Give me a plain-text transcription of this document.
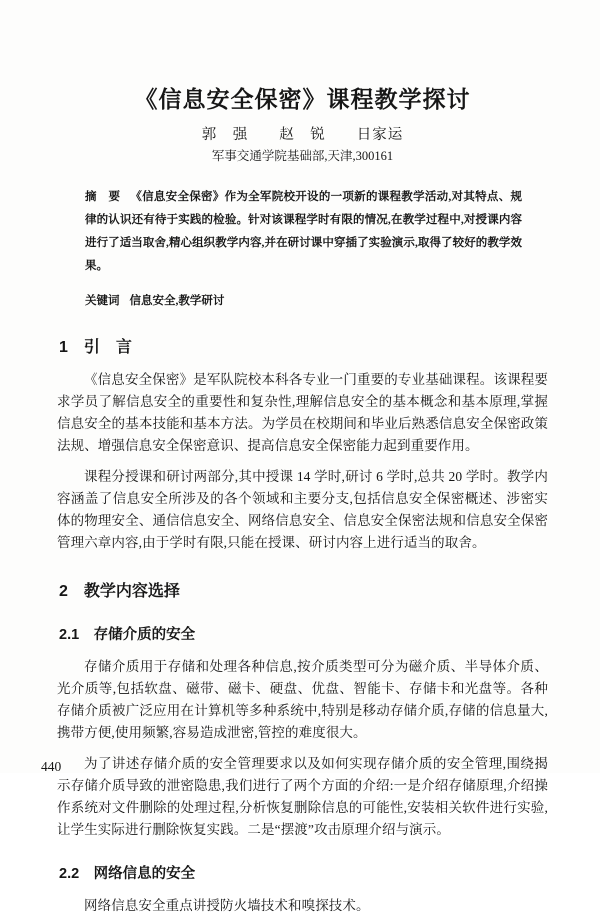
《信息安全保密》课程教学探讨
郭　强　　赵　锐　　日家运
军事交通学院基础部,天津,300161

摘　要 《信息安全保密》作为全军院校开设的一项新的课程教学活动,对其特点、规律的认识还有待于实践的检验。针对该课程学时有限的情况,在教学过程中,对授课内容进行了适当取舍,精心组织教学内容,并在研讨课中穿插了实验演示,取得了较好的教学效果。

关键词 信息安全,教学研讨

1　引　言

《信息安全保密》是军队院校本科各专业一门重要的专业基础课程。该课程要求学员了解信息安全的重要性和复杂性,理解信息安全的基本概念和基本原理,掌握信息安全的基本技能和基本方法。为学员在校期间和毕业后熟悉信息安全保密政策法规、增强信息安全保密意识、提高信息安全保密能力起到重要作用。

课程分授课和研讨两部分,其中授课 14 学时,研讨 6 学时,总共 20 学时。教学内容涵盖了信息安全所涉及的各个领域和主要分支,包括信息安全保密概述、涉密实体的物理安全、通信信息安全、网络信息安全、信息安全保密法规和信息安全保密管理六章内容,由于学时有限,只能在授课、研讨内容上进行适当的取舍。

2　教学内容选择
2.1　存储介质的安全

存储介质用于存储和处理各种信息,按介质类型可分为磁介质、半导体介质、光介质等,包括软盘、磁带、磁卡、硬盘、优盘、智能卡、存储卡和光盘等。各种存储介质被广泛应用在计算机等多种系统中,特别是移动存储介质,存储的信息量大,携带方便,使用频繁,容易造成泄密,管控的难度很大。

为了讲述存储介质的安全管理要求以及如何实现存储介质的安全管理,围绕揭示存储介质导致的泄密隐患,我们进行了两个方面的介绍:一是介绍存储原理,介绍操作系统对文件删除的处理过程,分析恢复删除信息的可能性,安装相关软件进行实验,让学生实际进行删除恢复实践。二是“摆渡”攻击原理介绍与演示。

2.2　网络信息的安全

网络信息安全重点讲授防火墙技术和嗅探技术。

440
